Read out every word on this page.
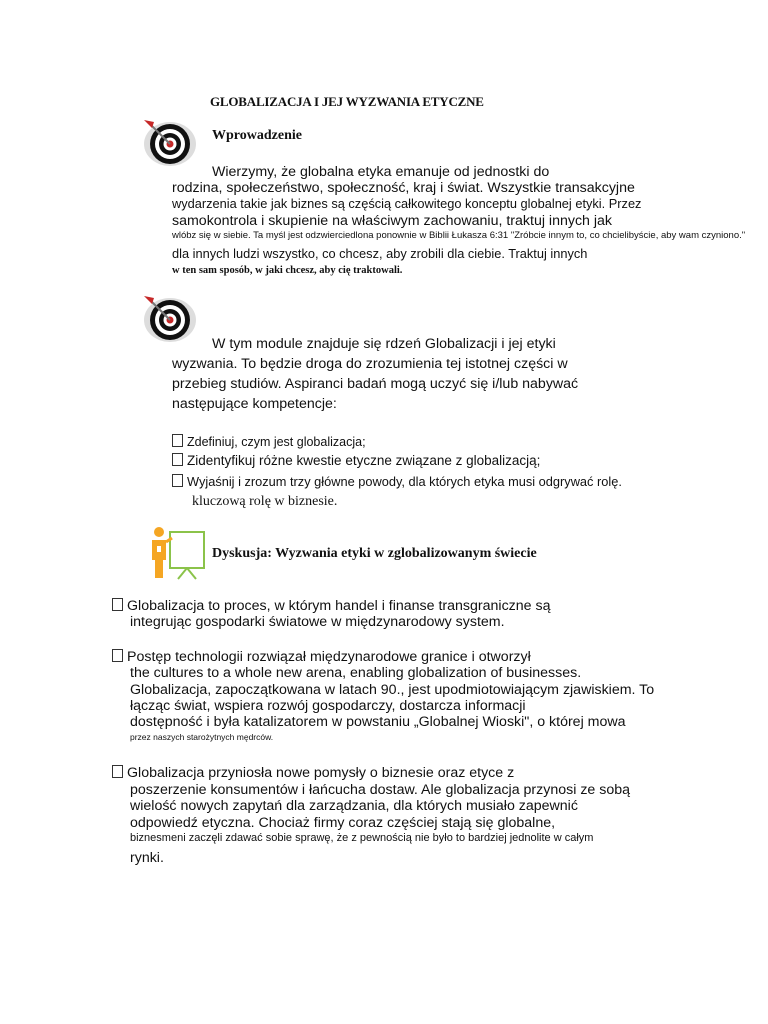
GLOBALIZACJA I JEJ WYZWANIA ETYCZNE
Wprowadzenie
Wierzymy, że globalna etyka emanuje od jednostki do
rodzina, społeczeństwo, społeczność, kraj i świat. Wszystkie transakcyjne
wydarzenia takie jak biznes są częścią całkowitego konceptu globalnej etyki. Przez
samokontrola i skupienie na właściwym zachowaniu, traktuj innych jak
wlóbz się w siebie. Ta myśl jest odzwierciedlona ponownie w Biblii Łukasza 6:31 "Zróbcie innym to, co chcielibyście, aby wam czyniono."
dla innych ludzi wszystko, co chcesz, aby zrobili dla ciebie. Traktuj innych
w ten sam sposób, w jaki chcesz, aby cię traktowali.
W tym module znajduje się rdzeń Globalizacji i jej etyki
wyzwania. To będzie droga do zrozumienia tej istotnej części w
przebieg studiów. Aspiranci badań mogą uczyć się i/lub nabywać
następujące kompetencje:
Zdefiniuj, czym jest globalizacja;
Zidentyfikuj różne kwestie etyczne związane z globalizacją;
Wyjaśnij i zrozum trzy główne powody, dla których etyka musi odgrywać rolę.
kluczową rolę w biznesie.
Dyskusja: Wyzwania etyki w zglobalizowanym świecie
Globalizacja to proces, w którym handel i finanse transgraniczne są
integrując gospodarki światowe w międzynarodowy system.
Postęp technologii rozwiązał międzynarodowe granice i otworzył
the cultures to a whole new arena, enabling globalization of businesses.
Globalizacja, zapoczątkowana w latach 90., jest upodmiotowiającym zjawiskiem. To
łącząc świat, wspiera rozwój gospodarczy, dostarcza informacji
dostępność i była katalizatorem w powstaniu „Globalnej Wioski", o której mowa
przez naszych starożytnych mędrców.
Globalizacja przyniosła nowe pomysły o biznesie oraz etyce z
poszerzenie konsumentów i łańcucha dostaw. Ale globalizacja przynosi ze sobą
wielość nowych zapytań dla zarządzania, dla których musiało zapewnić
odpowiedź etyczna. Chociaż firmy coraz częściej stają się globalne,
biznesmeni zaczęli zdawać sobie sprawę, że z pewnością nie było to bardziej jednolite w całym
rynki.
